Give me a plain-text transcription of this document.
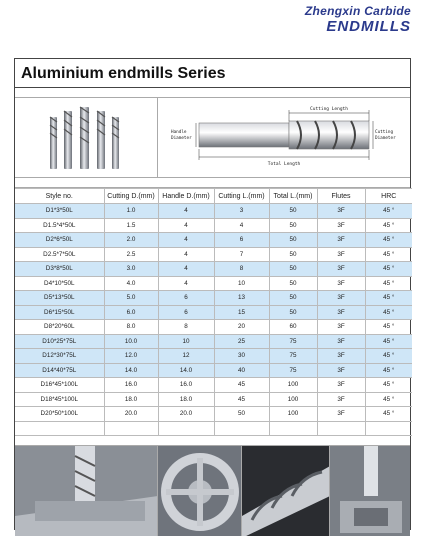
Zhengxin Carbide
ENDMILLS
Aluminium endmills Series
Cutting Length
Total Length
Handle
Diameter
Cutting
Diameter
Style no.	Cutting D.(mm)	Handle D.(mm)	Cutting L.(mm)	Total L.(mm)	Flutes	HRC
D1*3*50L	1.0	4	3	50	3F	45 °
D1.5*4*50L	1.5	4	4	50	3F	45 °
D2*6*50L	2.0	4	6	50	3F	45 °
D2.5*7*50L	2.5	4	7	50	3F	45 °
D3*8*50L	3.0	4	8	50	3F	45 °
D4*10*50L	4.0	4	10	50	3F	45 °
D5*13*50L	5.0	6	13	50	3F	45 °
D6*15*50L	6.0	6	15	50	3F	45 °
D8*20*60L	8.0	8	20	60	3F	45 °
D10*25*75L	10.0	10	25	75	3F	45 °
D12*30*75L	12.0	12	30	75	3F	45 °
D14*40*75L	14.0	14.0	40	75	3F	45 °
D16*45*100L	16.0	16.0	45	100	3F	45 °
D18*45*100L	18.0	18.0	45	100	3F	45 °
D20*50*100L	20.0	20.0	50	100	3F	45 °
